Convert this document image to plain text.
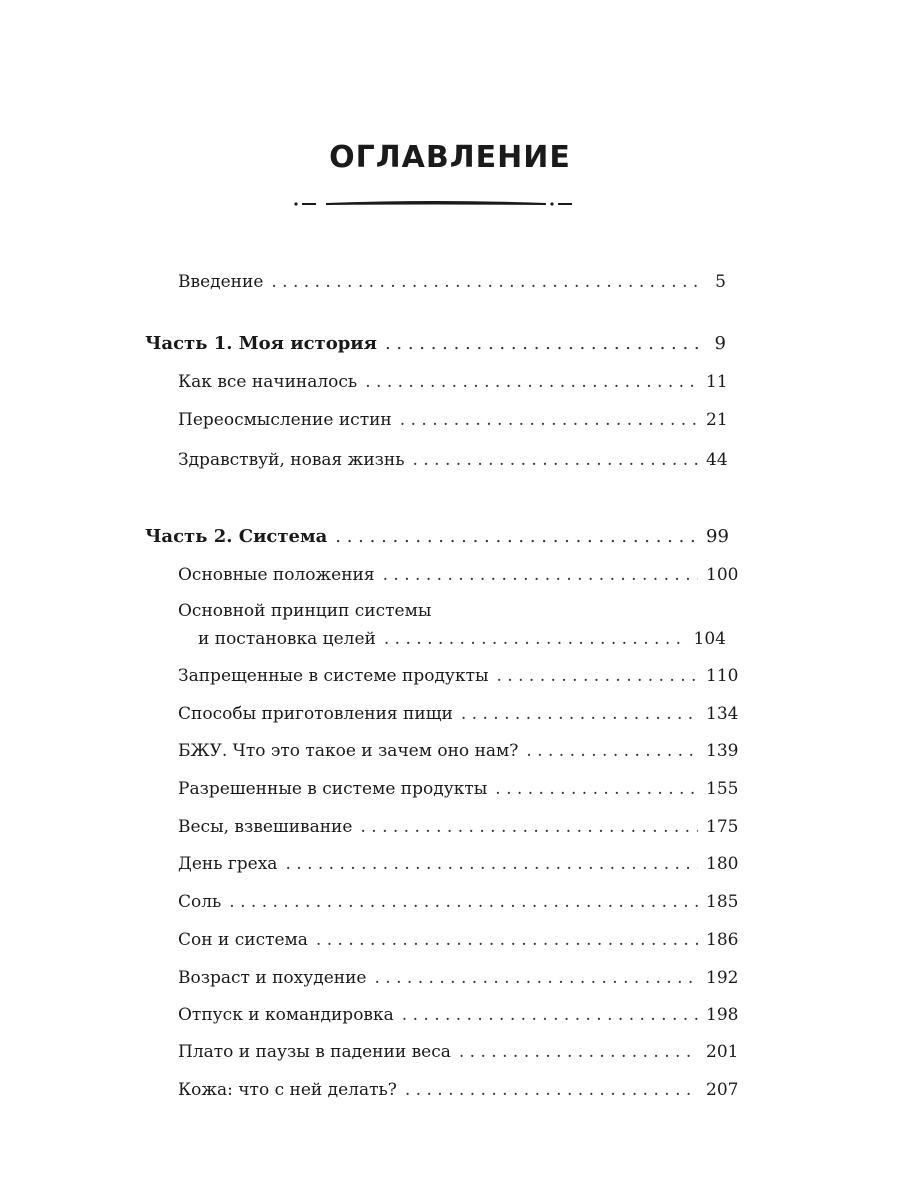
ОГЛАВЛЕНИЕ
Введение . . .	5
Часть 1. Моя история . . .	9
Как все начиналось . . .	11
Переосмысление истин . . .	21
Здравствуй, новая жизнь . . .	44
Часть 2. Система . . .	99
Основные положения . . .	100
Основной принцип системы
и постановка целей . . .	104
Запрещенные в системе продукты . . .	110
Способы приготовления пищи . . .	134
БЖУ. Что это такое и зачем оно нам? . . .	139
Разрешенные в системе продукты . . .	155
Весы, взвешивание . . .	175
День греха . . .	180
Соль . . .	185
Сон и система . . .	186
Возраст и похудение . . .	192
Отпуск и командировка . . .	198
Плато и паузы в падении веса . . .	201
Кожа: что с ней делать? . . .	207
